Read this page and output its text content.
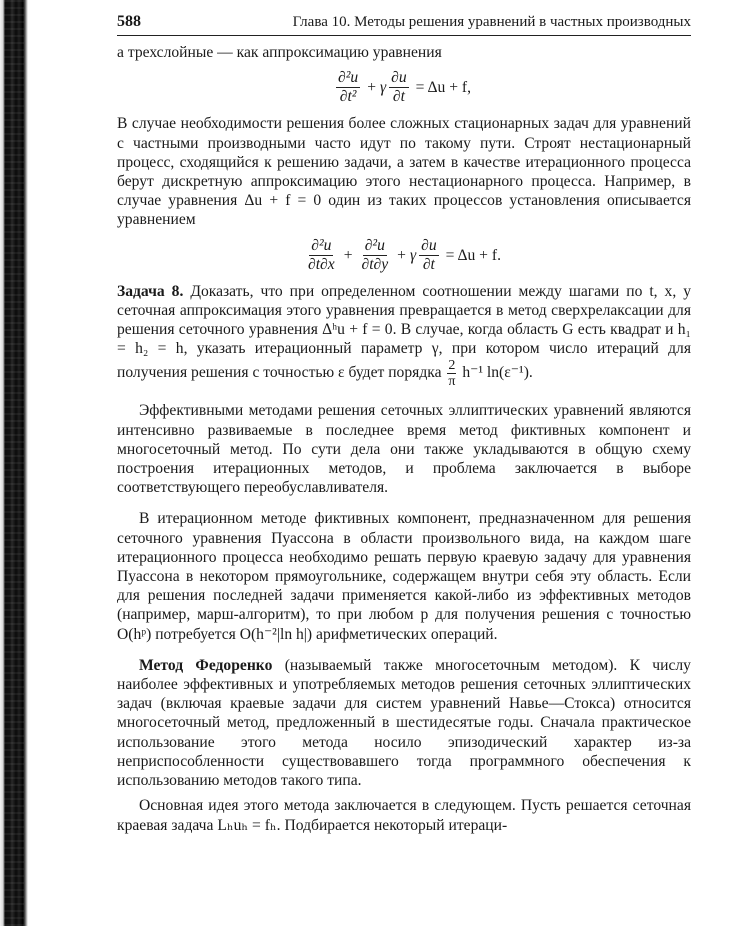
588	Глава 10. Методы решения уравнений в частных производных

а трехслойные — как аппроксимацию уравнения

$\frac{\text{∂²u}}{\text{∂t²}} + \gamma \frac{\partial u}{\partial t} = \Delta u + f$,

В случае необходимости решения более сложных стационарных задач для уравнений с частными производными часто идут по такому пути. Строят нестационарный процесс, сходящийся к решению задачи, а затем в качестве итерационного процесса берут дискретную аппроксимацию этого нестационарного процесса. Например, в случае уравнения Δu + f = 0 один из таких процессов установления описывается уравнением

$\frac{\text{∂²u}}{\partial t\partial x} + \frac{\text{∂²u}}{\partial t\partial y} + \gamma \frac{\partial u}{\partial t} = \Delta u + f$.

Задача 8. Доказать, что при определенном соотношении между шагами по t, x, y сеточная аппроксимация этого уравнения превращается в метод сверхрелаксации для решения сеточного уравнения Δʰu + f = 0. В случае, когда область G есть квадрат и h₁ = h₂ = h, указать итерационный параметр γ, при котором число итераций для получения решения с точностью ε будет порядка $\frac{2}{\pi} h^{-1}$ ln(ε⁻¹).

Эффективными методами решения сеточных эллиптических уравнений являются интенсивно развиваемые в последнее время метод фиктивных компонент и многосеточный метод. По сути дела они также укладываются в общую схему построения итерационных методов, и проблема заключается в выборе соответствующего переобуславливателя.

В итерационном методе фиктивных компонент, предназначенном для решения сеточного уравнения Пуассона в области произвольного вида, на каждом шаге итерационного процесса необходимо решать первую краевую задачу для уравнения Пуассона в некотором прямоугольнике, содержащем внутри себя эту область. Если для решения последней задачи применяется какой-либо из эффективных методов (например, марш-алгоритм), то при любом p для получения решения с точностью O(hᵖ) потребуется O(h⁻²|ln h|) арифметических операций.

Метод Федоренко (называемый также многосеточным методом). К числу наиболее эффективных и употребляемых методов решения сеточных эллиптических задач (включая краевые задачи для систем уравнений Навье—Стокса) относится многосеточный метод, предложенный в шестидесятые годы. Сначала практическое использование этого метода носило эпизодический характер из-за неприспособленности существовавшего тогда программного обеспечения к использованию методов такого типа.

Основная идея этого метода заключается в следующем. Пусть решается сеточная краевая задача Lₕuₕ = fₕ. Подбирается некоторый итераци-
